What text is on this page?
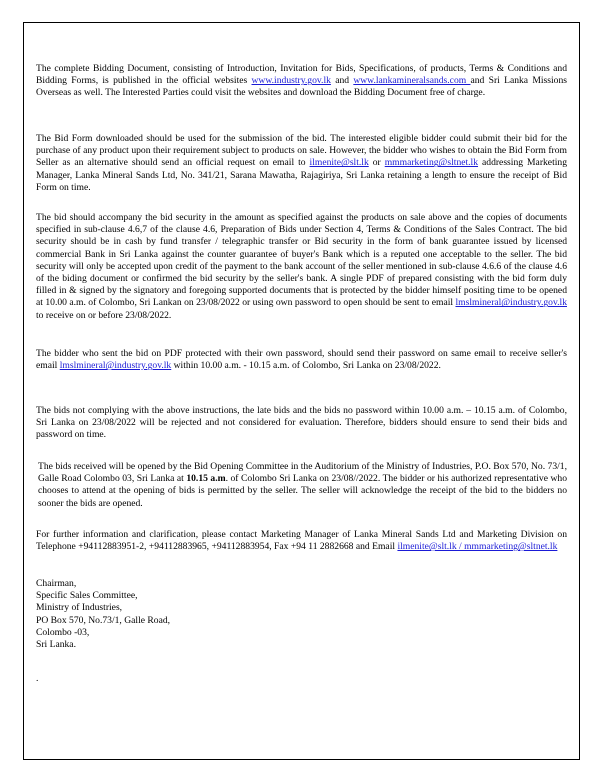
The complete Bidding Document, consisting of Introduction, Invitation for Bids, Specifications, of products, Terms & Conditions and Bidding Forms, is published in the official websites www.industry.gov.lk and www.lankamineralsands.com and Sri Lanka Missions Overseas as well. The Interested Parties could visit the websites and download the Bidding Document free of charge.

The Bid Form downloaded should be used for the submission of the bid. The interested eligible bidder could submit their bid for the purchase of any product upon their requirement subject to products on sale. However, the bidder who wishes to obtain the Bid Form from Seller as an alternative should send an official request on email to ilmenite@slt.lk or mmmarketing@sltnet.lk addressing Marketing Manager, Lanka Mineral Sands Ltd, No. 341/21, Sarana Mawatha, Rajagiriya, Sri Lanka retaining a length to ensure the receipt of Bid Form on time.

The bid should accompany the bid security in the amount as specified against the products on sale above and the copies of documents specified in sub-clause 4.6,7 of the clause 4.6, Preparation of Bids under Section 4, Terms & Conditions of the Sales Contract. The bid security should be in cash by fund transfer / telegraphic transfer or Bid security in the form of bank guarantee issued by licensed commercial Bank in Sri Lanka against the counter guarantee of buyer's Bank which is a reputed one acceptable to the seller. The bid security will only be accepted upon credit of the payment to the bank account of the seller mentioned in sub-clause 4.6.6 of the clause 4.6 of the biding document or confirmed the bid security by the seller's bank. A single PDF of prepared consisting with the bid form duly filled in & signed by the signatory and foregoing supported documents that is protected by the bidder himself positing time to be opened at 10.00 a.m. of Colombo, Sri Lankan on 23/08/2022 or using own password to open should be sent to email lmslmineral@industry.gov.lk to receive on or before 23/08/2022.

The bidder who sent the bid on PDF protected with their own password, should send their password on same email to receive seller's email lmslmineral@industry.gov.lk within 10.00 a.m. - 10.15 a.m. of Colombo, Sri Lanka on 23/08/2022.

The bids not complying with the above instructions, the late bids and the bids no password within 10.00 a.m. – 10.15 a.m. of Colombo, Sri Lanka on 23/08/2022 will be rejected and not considered for evaluation. Therefore, bidders should ensure to send their bids and password on time.

The bids received will be opened by the Bid Opening Committee in the Auditorium of the Ministry of Industries, P.O. Box 570, No. 73/1, Galle Road Colombo 03, Sri Lanka at 10.15 a.m. of Colombo Sri Lanka on 23/08//2022. The bidder or his authorized representative who chooses to attend at the opening of bids is permitted by the seller. The seller will acknowledge the receipt of the bid to the bidders no sooner the bids are opened.

For further information and clarification, please contact Marketing Manager of Lanka Mineral Sands Ltd and Marketing Division on Telephone +94112883951-2, +94112883965, +94112883954, Fax +94 11 2882668 and Email ilmenite@slt.lk / mmmarketing@sltnet.lk

Chairman,
Specific Sales Committee,
Ministry of Industries,
PO Box 570, No.73/1, Galle Road,
Colombo -03,
Sri Lanka.
.
